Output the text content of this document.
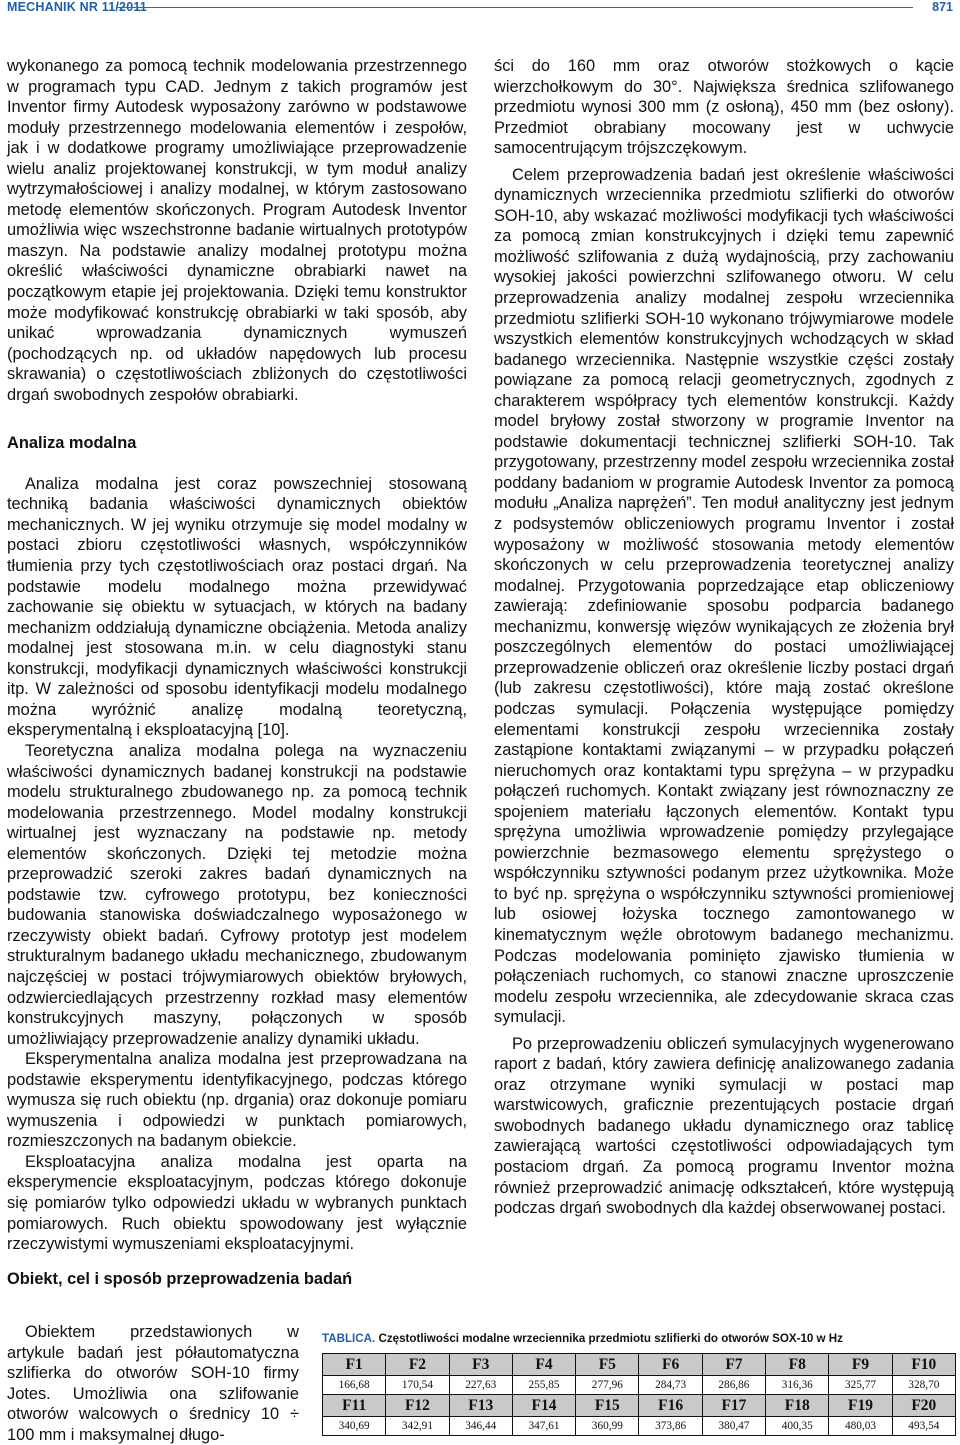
MECHANIK NR 11/2011	871

wykonanego za pomocą technik modelowania przestrzennego w programach typu CAD. Jednym z takich programów jest Inventor firmy Autodesk wyposażony zarówno w podstawowe moduły przestrzennego modelowania elementów i zespołów, jak i w dodatkowe programy umożliwiające przeprowadzenie wielu analiz projektowanej konstrukcji, w tym moduł analizy wytrzymałościowej i analizy modalnej, w którym zastosowano metodę elementów skończonych. Program Autodesk Inventor umożliwia więc wszechstronne badanie wirtualnych prototypów maszyn. Na podstawie analizy modalnej prototypu można określić właściwości dynamiczne obrabiarki nawet na początkowym etapie jej projektowania. Dzięki temu konstruktor może modyfikować konstrukcję obrabiarki w taki sposób, aby unikać wprowadzania dynamicznych wymuszeń (pochodzących np. od układów napędowych lub procesu skrawania) o częstotliwościach zbliżonych do częstotliwości drgań swobodnych zespołów obrabiarki.

Analiza modalna

Analiza modalna jest coraz powszechniej stosowaną techniką badania właściwości dynamicznych obiektów mechanicznych. W jej wyniku otrzymuje się model modalny w postaci zbioru częstotliwości własnych, współczynników tłumienia przy tych częstotliwościach oraz postaci drgań. Na podstawie modelu modalnego można przewidywać zachowanie się obiektu w sytuacjach, w których na badany mechanizm oddziałują dynamiczne obciążenia. Metoda analizy modalnej jest stosowana m.in. w celu diagnostyki stanu konstrukcji, modyfikacji dynamicznych właściwości konstrukcji itp. W zależności od sposobu identyfikacji modelu modalnego można wyróżnić analizę modalną teoretyczną, eksperymentalną i eksploatacyjną [10].

Teoretyczna analiza modalna polega na wyznaczeniu właściwości dynamicznych badanej konstrukcji na podstawie modelu strukturalnego zbudowanego np. za pomocą technik modelowania przestrzennego. Model modalny konstrukcji wirtualnej jest wyznaczany na podstawie np. metody elementów skończonych. Dzięki tej metodzie można przeprowadzić szeroki zakres badań dynamicznych na podstawie tzw. cyfrowego prototypu, bez konieczności budowania stanowiska doświadczalnego wyposażonego w rzeczywisty obiekt badań. Cyfrowy prototyp jest modelem strukturalnym badanego układu mechanicznego, zbudowanym najczęściej w postaci trójwymiarowych obiektów bryłowych, odzwierciedlających przestrzenny rozkład masy elementów konstrukcyjnych maszyny, połączonych w sposób umożliwiający przeprowadzenie analizy dynamiki układu.

Eksperymentalna analiza modalna jest przeprowadzana na podstawie eksperymentu identyfikacyjnego, podczas którego wymusza się ruch obiektu (np. drgania) oraz dokonuje pomiaru wymuszenia i odpowiedzi w punktach pomiarowych, rozmieszczonych na badanym obiekcie.

Eksploatacyjna analiza modalna jest oparta na eksperymencie eksploatacyjnym, podczas którego dokonuje się pomiarów tylko odpowiedzi układu w wybranych punktach pomiarowych. Ruch obiektu spowodowany jest wyłącznie rzeczywistymi wymuszeniami eksploatacyjnymi.

Obiekt, cel i sposób przeprowadzenia badań

Obiektem przedstawionych w artykule badań jest półautomatyczna szlifierka do otworów SOH-10 firmy Jotes. Umożliwia ona szlifowanie otworów walcowych o średnicy 10 ÷ 100 mm i maksymalnej długo-

ści do 160 mm oraz otworów stożkowych o kącie wierzchołkowym do 30°. Największa średnica szlifowanego przedmiotu wynosi 300 mm (z osłoną), 450 mm (bez osłony). Przedmiot obrabiany mocowany jest w uchwycie samocentrującym trójszczękowym.

Celem przeprowadzenia badań jest określenie właściwości dynamicznych wrzeciennika przedmiotu szlifierki do otworów SOH-10, aby wskazać możliwości modyfikacji tych właściwości za pomocą zmian konstrukcyjnych i dzięki temu zapewnić możliwość szlifowania z dużą wydajnością, przy zachowaniu wysokiej jakości powierzchni szlifowanego otworu. W celu przeprowadzenia analizy modalnej zespołu wrzeciennika przedmiotu szlifierki SOH-10 wykonano trójwymiarowe modele wszystkich elementów konstrukcyjnych wchodzących w skład badanego wrzeciennika. Następnie wszystkie części zostały powiązane za pomocą relacji geometrycznych, zgodnych z charakterem współpracy tych elementów konstrukcji. Każdy model bryłowy został stworzony w programie Inventor na podstawie dokumentacji technicznej szlifierki SOH-10. Tak przygotowany, przestrzenny model zespołu wrzeciennika został poddany badaniom w programie Autodesk Inventor za pomocą modułu „Analiza naprężeń”. Ten moduł analityczny jest jednym z podsystemów obliczeniowych programu Inventor i został wyposażony w możliwość stosowania metody elementów skończonych w celu przeprowadzenia teoretycznej analizy modalnej. Przygotowania poprzedzające etap obliczeniowy zawierają: zdefiniowanie sposobu podparcia badanego mechanizmu, konwersję więzów wynikających ze złożenia brył poszczególnych elementów do postaci umożliwiającej przeprowadzenie obliczeń oraz określenie liczby postaci drgań (lub zakresu częstotliwości), które mają zostać określone podczas symulacji. Połączenia występujące pomiędzy elementami konstrukcji zespołu wrzeciennika zostały zastąpione kontaktami związanymi – w przypadku połączeń nieruchomych oraz kontaktami typu sprężyna – w przypadku połączeń ruchomych. Kontakt związany jest równoznaczny ze spojeniem materiału łączonych elementów. Kontakt typu sprężyna umożliwia wprowadzenie pomiędzy przylegające powierzchnie bezmasowego elementu sprężystego o współczynniku sztywności podanym przez użytkownika. Może to być np. sprężyna o współczynniku sztywności promieniowej lub osiowej łożyska tocznego zamontowanego w kinematycznym węźle obrotowym badanego mechanizmu. Podczas modelowania pominięto zjawisko tłumienia w połączeniach ruchomych, co stanowi znaczne uproszczenie modelu zespołu wrzeciennika, ale zdecydowanie skraca czas symulacji.

Po przeprowadzeniu obliczeń symulacyjnych wygenerowano raport z badań, który zawiera definicję analizowanego zadania oraz otrzymane wyniki symulacji w postaci map warstwicowych, graficznie prezentujących postacie drgań swobodnych badanego układu dynamicznego oraz tablicę zawierającą wartości częstotliwości odpowiadających tym postaciom drgań. Za pomocą programu Inventor można również przeprowadzić animację odkształceń, które występują podczas drgań swobodnych dla każdej obserwowanej postaci.

TABLICA. Częstotliwości modalne wrzeciennika przedmiotu szlifierki do otworów SOX-10 w Hz
F1	F2	F3	F4	F5	F6	F7	F8	F9	F10
166,68	170,54	227,63	255,85	277,96	284,73	286,86	316,36	325,77	328,70
F11	F12	F13	F14	F15	F16	F17	F18	F19	F20
340,69	342,91	346,44	347,61	360,99	373,86	380,47	400,35	480,03	493,54
